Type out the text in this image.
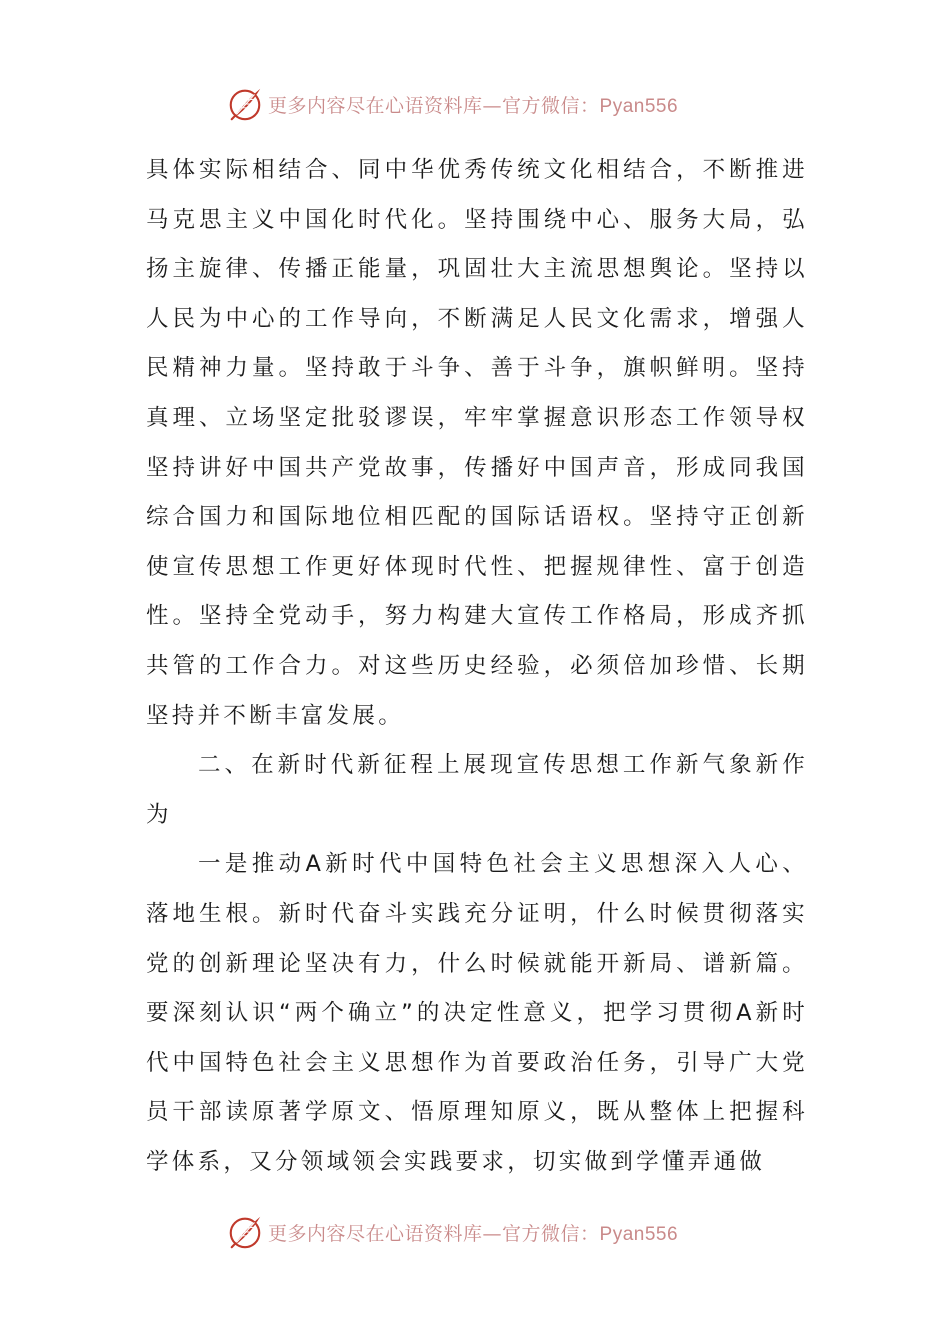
更多内容尽在心语资料库—官方微信：Pyan556

具体实际相结合、同中华优秀传统文化相结合，不断推进马克思主义中国化时代化。坚持围绕中心、服务大局，弘扬主旋律、传播正能量，巩固壮大主流思想舆论。坚持以人民为中心的工作导向，不断满足人民文化需求，增强人民精神力量。坚持敢于斗争、善于斗争，旗帜鲜明。坚持真理、立场坚定批驳谬误，牢牢掌握意识形态工作领导权坚持讲好中国共产党故事，传播好中国声音，形成同我国综合国力和国际地位相匹配的国际话语权。坚持守正创新使宣传思想工作更好体现时代性、把握规律性、富于创造性。坚持全党动手，努力构建大宣传工作格局，形成齐抓共管的工作合力。对这些历史经验，必须倍加珍惜、长期坚持并不断丰富发展。

二、在新时代新征程上展现宣传思想工作新气象新作为

一是推动A新时代中国特色社会主义思想深入人心、落地生根。新时代奋斗实践充分证明，什么时候贯彻落实党的创新理论坚决有力，什么时候就能开新局、谱新篇。要深刻认识“两个确立”的决定性意义，把学习贯彻A新时代中国特色社会主义思想作为首要政治任务，引导广大党员干部读原著学原文、悟原理知原义，既从整体上把握科学体系，又分领域领会实践要求，切实做到学懂弄通做

更多内容尽在心语资料库—官方微信：Pyan556
